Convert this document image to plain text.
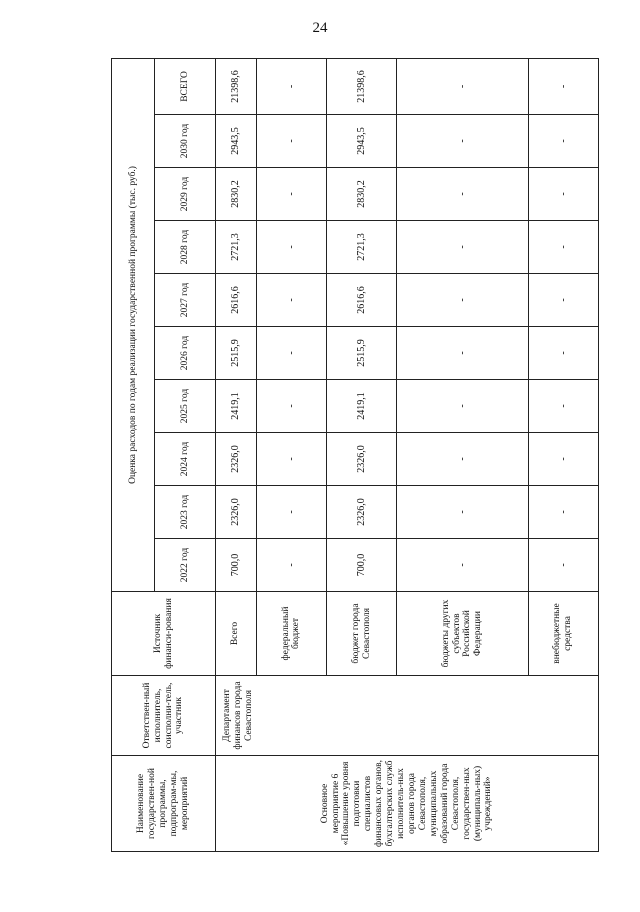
24
Наименование государствен-ной программы, подпрограм-мы, мероприятий	Ответствен-ный исполнитель, соисполни-тель, участник	Источник финанси-рования	Оценка расходов по годам реализации государственной программы (тыс. руб.)									
			2022 год	2023 год	2024 год	2025 год	2026 год	2027 год	2028 год	2029 год	2030 год	ВСЕГО
Основное мероприятие 6 «Повышение уровня подготовки специалистов финансовых органов, бухгалтерских служб исполнитель-ных органов города Севастополя, муниципальных образований города Севастополя, государствен-ных (муниципаль-ных) учреждений»	Департамент финансов города Севастополя	Всего	700,0	2326,0	2326,0	2419,1	2515,9	2616,6	2721,3	2830,2	2943,5	21398,6
		федеральный бюджет	-	-	-	-	-	-	-	-	-	-
		бюджет города Севастополя	700,0	2326,0	2326,0	2419,1	2515,9	2616,6	2721,3	2830,2	2943,5	21398,6
		бюджеты других субъектов Российской Федерации	-	-	-	-	-	-	-	-	-	-
		внебюджетные средства	-	-	-	-	-	-	-	-	-	-
